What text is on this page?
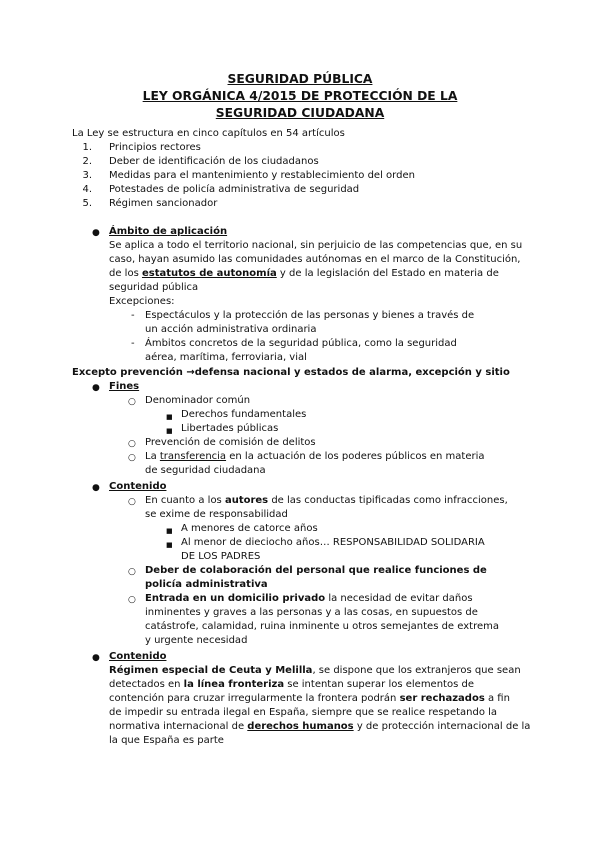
SEGURIDAD PÚBLICA
LEY ORGÁNICA 4/2015 DE PROTECCIÓN DE LA
SEGURIDAD CIUDADANA
La Ley se estructura en cinco capítulos en 54 artículos
1. Principios rectores
2. Deber de identificación de los ciudadanos
3. Medidas para el mantenimiento y restablecimiento del orden
4. Potestades de policía administrativa de seguridad
5. Régimen sancionador
● Ámbito de aplicación
Se aplica a todo el territorio nacional, sin perjuicio de las competencias que, en su
caso, hayan asumido las comunidades autónomas en el marco de la Constitución,
de los estatutos de autonomía y de la legislación del Estado en materia de
seguridad pública
Excepciones:
- Espectáculos y la protección de las personas y bienes a través de
un acción administrativa ordinaria
- Ámbitos concretos de la seguridad pública, como la seguridad
aérea, marítima, ferroviaria, vial
Excepto prevención →defensa nacional y estados de alarma, excepción y sitio
● Fines
○ Denominador común
■ Derechos fundamentales
■ Libertades públicas
○ Prevención de comisión de delitos
○ La transferencia en la actuación de los poderes públicos en materia
de seguridad ciudadana
● Contenido
○ En cuanto a los autores de las conductas tipificadas como infracciones,
se exime de responsabilidad
■ A menores de catorce años
■ Al menor de dieciocho años… RESPONSABILIDAD SOLIDARIA
DE LOS PADRES
○ Deber de colaboración del personal que realice funciones de
policía administrativa
○ Entrada en un domicilio privado la necesidad de evitar daños
inminentes y graves a las personas y a las cosas, en supuestos de
catástrofe, calamidad, ruina inminente u otros semejantes de extrema
y urgente necesidad
● Contenido
Régimen especial de Ceuta y Melilla, se dispone que los extranjeros que sean
detectados en la línea fronteriza se intentan superar los elementos de
contención para cruzar irregularmente la frontera podrán ser rechazados a fin
de impedir su entrada ilegal en España, siempre que se realice respetando la
normativa internacional de derechos humanos y de protección internacional de la
la que España es parte
